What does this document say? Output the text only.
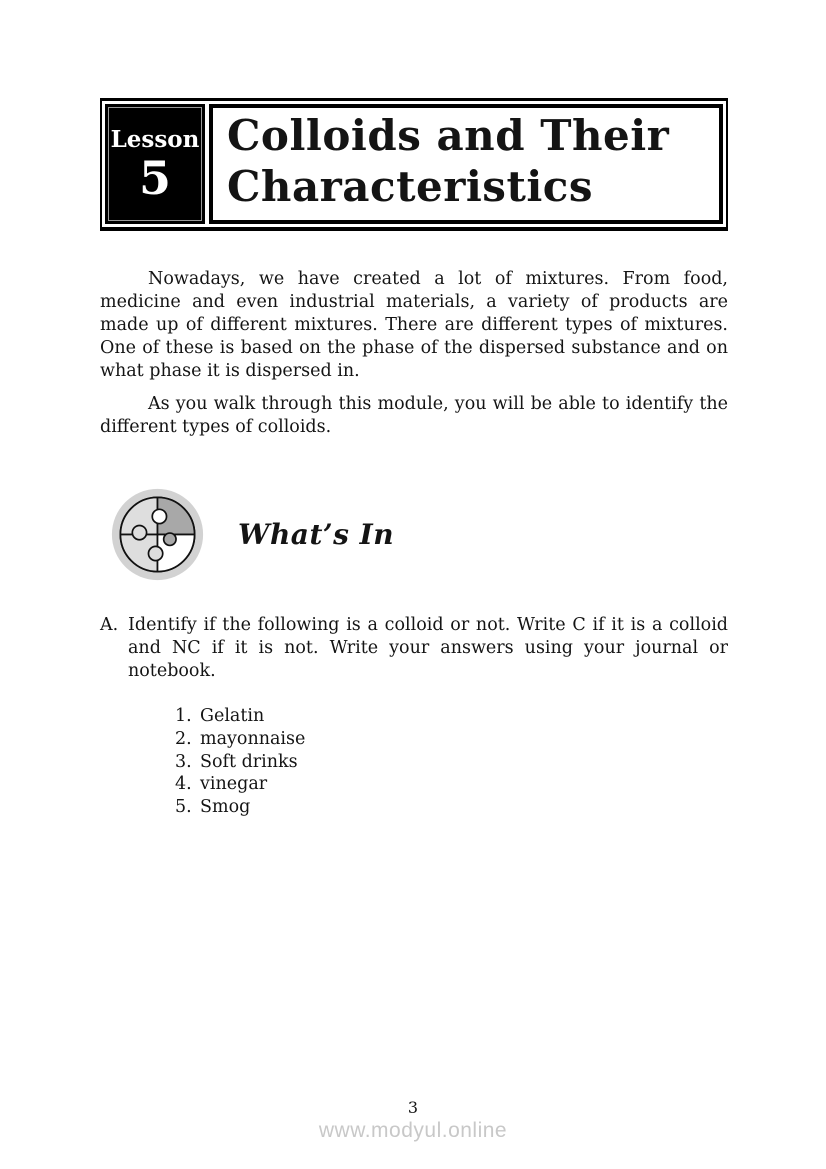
Lesson
5
Colloids and Their
Characteristics

Nowadays, we have created a lot of mixtures. From food, medicine and even industrial materials, a variety of products are made up of different mixtures. There are different types of mixtures. One of these is based on the phase of the dispersed substance and on what phase it is dispersed in.

As you walk through this module, you will be able to identify the different types of colloids.

What’s In
A. Identify if the following is a colloid or not. Write C if it is a colloid and NC if it is not. Write your answers using your journal or notebook.
1. Gelatin
2. mayonnaise
3. Soft drinks
4. vinegar
5. Smog
3
www.modyul.online
